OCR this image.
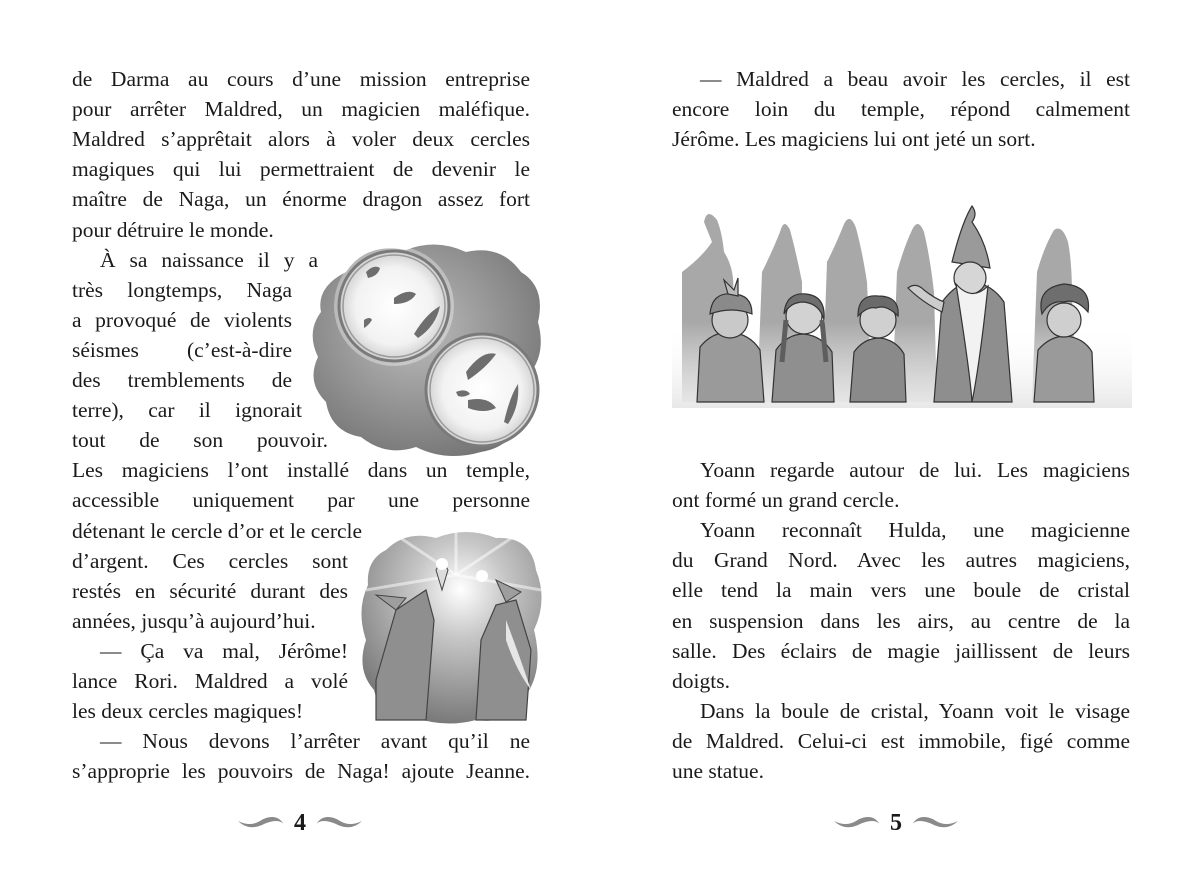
de Darma au cours d’une mission entreprise
pour arrêter Maldred, un magicien maléfique.
Maldred s’apprêtait alors à voler deux cercles
magiques qui lui permettraient de devenir le
maître de Naga, un énorme dragon assez fort
pour détruire le monde.
À sa naissance il y a
très longtemps, Naga
a provoqué de violents
séismes (c’est-à-dire
des tremblements de
terre), car il ignorait
tout de son pouvoir.
Les magiciens l’ont installé dans un temple,
accessible uniquement par une personne
détenant le cercle d’or et le cercle
d’argent. Ces cercles sont
restés en sécurité durant des
années, jusqu’à aujourd’hui.
— Ça va mal, Jérôme!
lance Rori. Maldred a volé
les deux cercles magiques!
— Nous devons l’arrêter avant qu’il ne
s’approprie les pouvoirs de Naga! ajoute Jeanne.
4
— Maldred a beau avoir les cercles, il est
encore loin du temple, répond calmement
Jérôme. Les magiciens lui ont jeté un sort.
Yoann regarde autour de lui. Les magiciens
ont formé un grand cercle.
Yoann reconnaît Hulda, une magicienne
du Grand Nord. Avec les autres magiciens,
elle tend la main vers une boule de cristal
en suspension dans les airs, au centre de la
salle. Des éclairs de magie jaillissent de leurs
doigts.
Dans la boule de cristal, Yoann voit le visage
de Maldred. Celui-ci est immobile, figé comme
une statue.
5
